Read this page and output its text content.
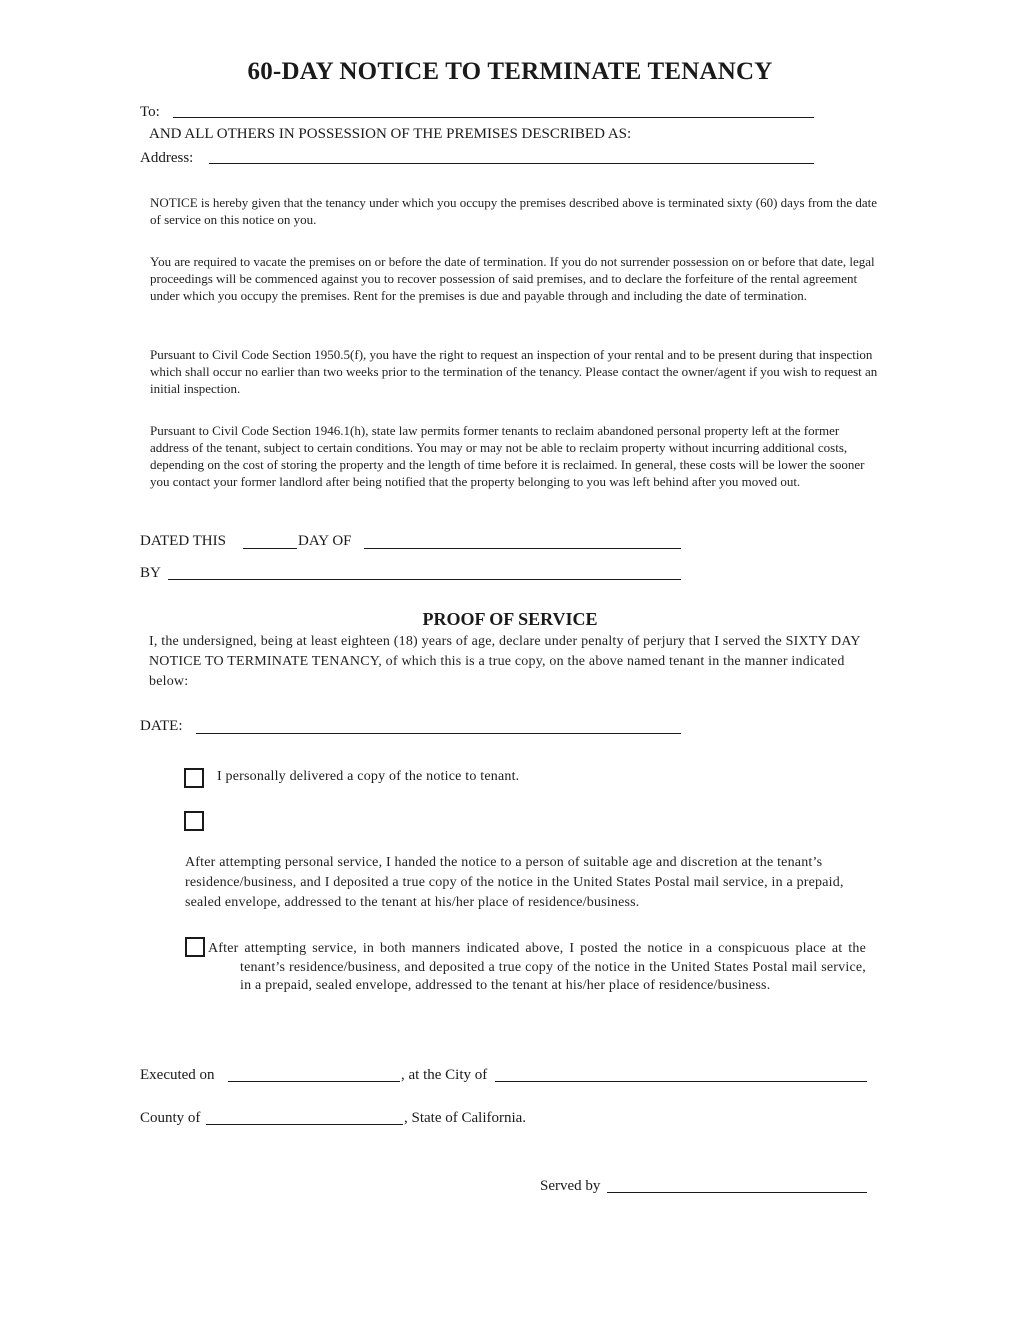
60-DAY NOTICE TO TERMINATE TENANCY
To:
AND ALL OTHERS IN POSSESSION OF THE PREMISES DESCRIBED AS:
Address:
NOTICE is hereby given that the tenancy under which you occupy the premises described above is terminated sixty (60) days from the date of service on this notice on you.
You are required to vacate the premises on or before the date of termination. If you do not surrender possession on or before that date, legal proceedings will be commenced against you to recover possession of said premises, and to declare the forfeiture of the rental agreement under which you occupy the premises. Rent for the premises is due and payable through and including the date of termination.
Pursuant to Civil Code Section 1950.5(f), you have the right to request an inspection of your rental and to be present during that inspection which shall occur no earlier than two weeks prior to the termination of the tenancy. Please contact the owner/agent if you wish to request an initial inspection.
Pursuant to Civil Code Section 1946.1(h), state law permits former tenants to reclaim abandoned personal property left at the former address of the tenant, subject to certain conditions. You may or may not be able to reclaim property without incurring additional costs, depending on the cost of storing the property and the length of time before it is reclaimed. In general, these costs will be lower the sooner you contact your former landlord after being notified that the property belonging to you was left behind after you moved out.
DATED THIS	DAY OF
BY
PROOF OF SERVICE
I, the undersigned, being at least eighteen (18) years of age, declare under penalty of perjury that I served the SIXTY DAY NOTICE TO TERMINATE TENANCY, of which this is a true copy, on the above named tenant in the manner indicated below:
DATE:
I personally delivered a copy of the notice to tenant.
After attempting personal service, I handed the notice to a person of suitable age and discretion at the tenant’s residence/business, and I deposited a true copy of the notice in the United States Postal mail service, in a prepaid, sealed envelope, addressed to the tenant at his/her place of residence/business.
After attempting service, in both manners indicated above, I posted the notice in a conspicuous place at the tenant’s residence/business, and deposited a true copy of the notice in the United States Postal mail service, in a prepaid, sealed envelope, addressed to the tenant at his/her place of residence/business.
Executed on	, at the City of
County of	, State of California.
Served by
